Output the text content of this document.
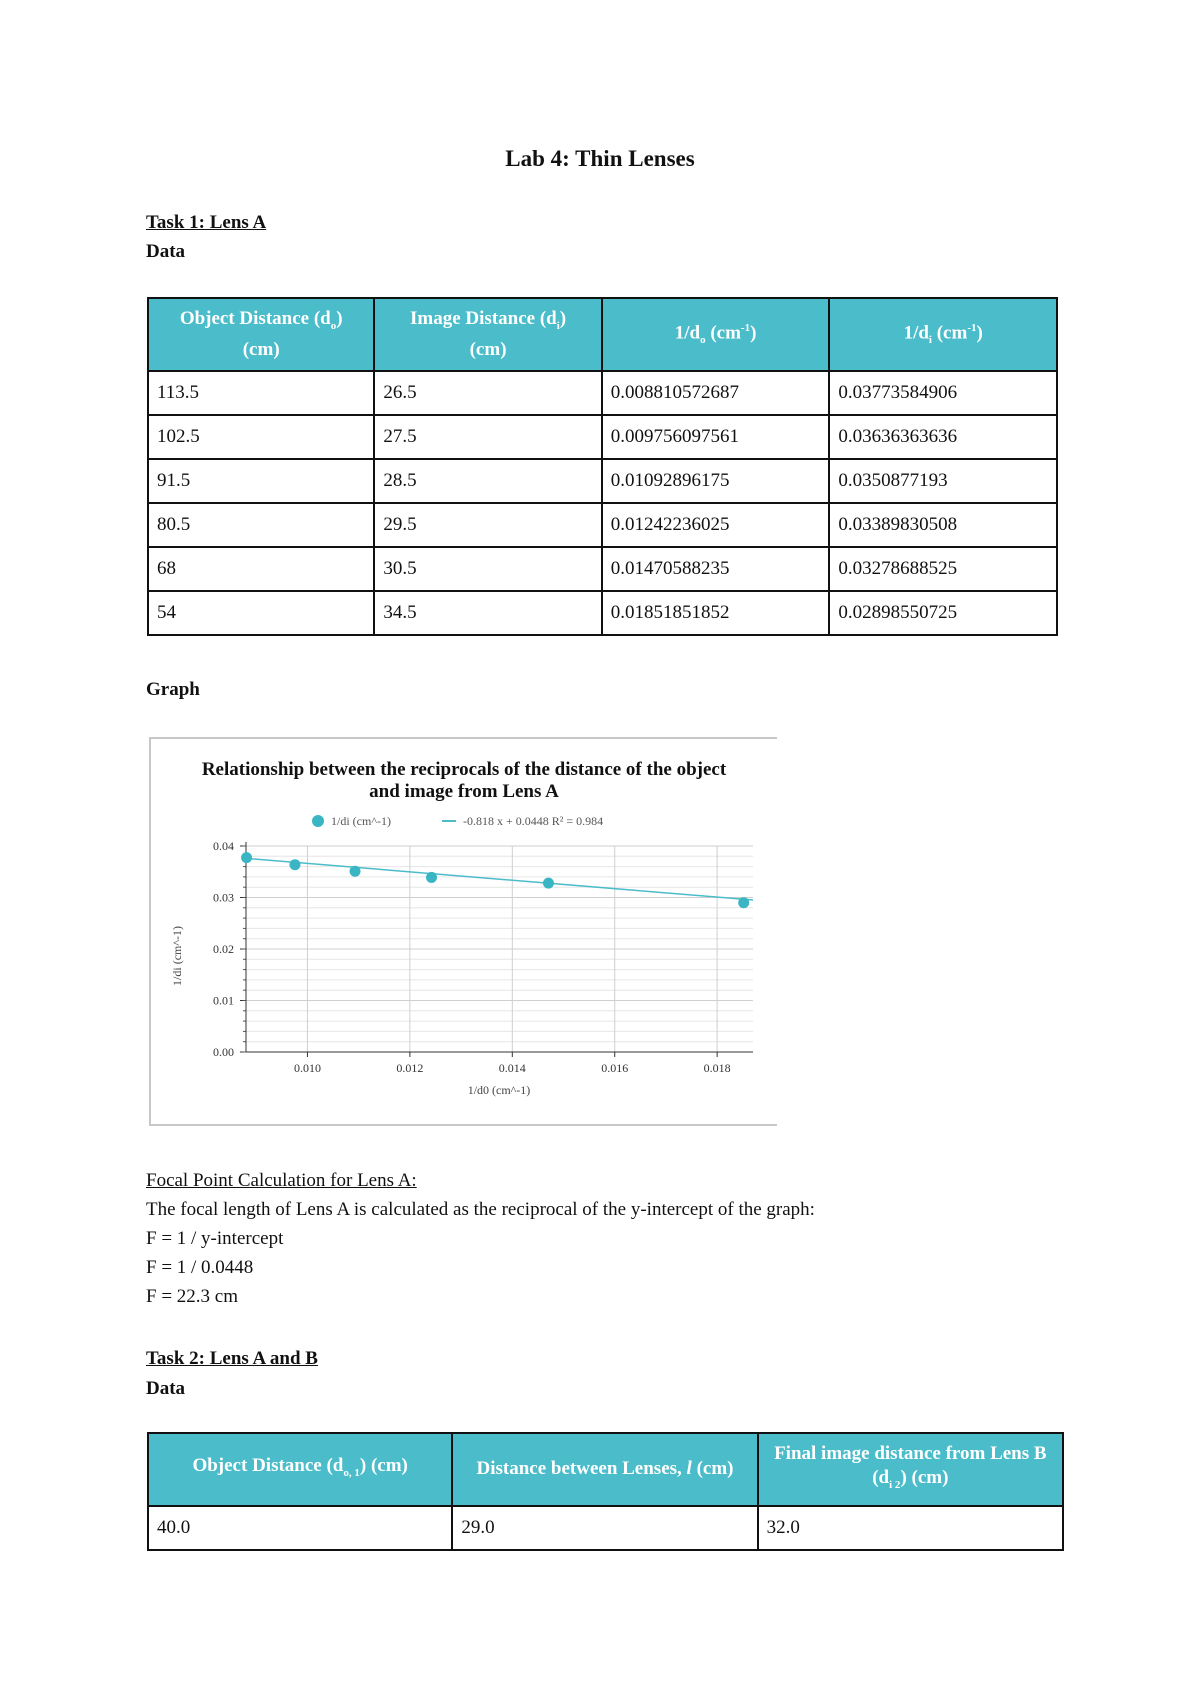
Lab 4: Thin Lenses
Task 1: Lens A
Data
Object Distance $(d_o)$
(cm)	Image Distance $(d_i)$
(cm)	$1/d_o$ $(cm^{-1})$	$1/d_i$ $(cm^{-1})$
113.5	26.5	0.008810572687	0.03773584906
102.5	27.5	0.009756097561	0.03636363636
91.5	28.5	0.01092896175	0.0350877193
80.5	29.5	0.01242236025	0.03389830508
68	30.5	0.01470588235	0.03278688525
54	34.5	0.01851851852	0.02898550725
Graph
Relationship between the reciprocals of the distance of the object
and image from Lens A
0.00
0.01
0.02
0.03
0.04
0.010	0.012	0.014	0.016	0.018
1/di (cm^-1)	-0.818 x + 0.0448 R² = 0.984
1/d0 (cm^-1)
1/di (cm^-1)
Focal Point Calculation for Lens A:
The focal length of Lens A is calculated as the reciprocal of the y-intercept of the graph:
F = 1 / y-intercept
F = 1 / 0.0448
F = 22.3 cm
Task 2: Lens A and B
Data
Object Distance $(d_{o, 1})$ (cm)	Distance between Lenses, l (cm)	Final image distance from Lens B $(d_{i 2})$ (cm)
40.0	29.0	32.0
